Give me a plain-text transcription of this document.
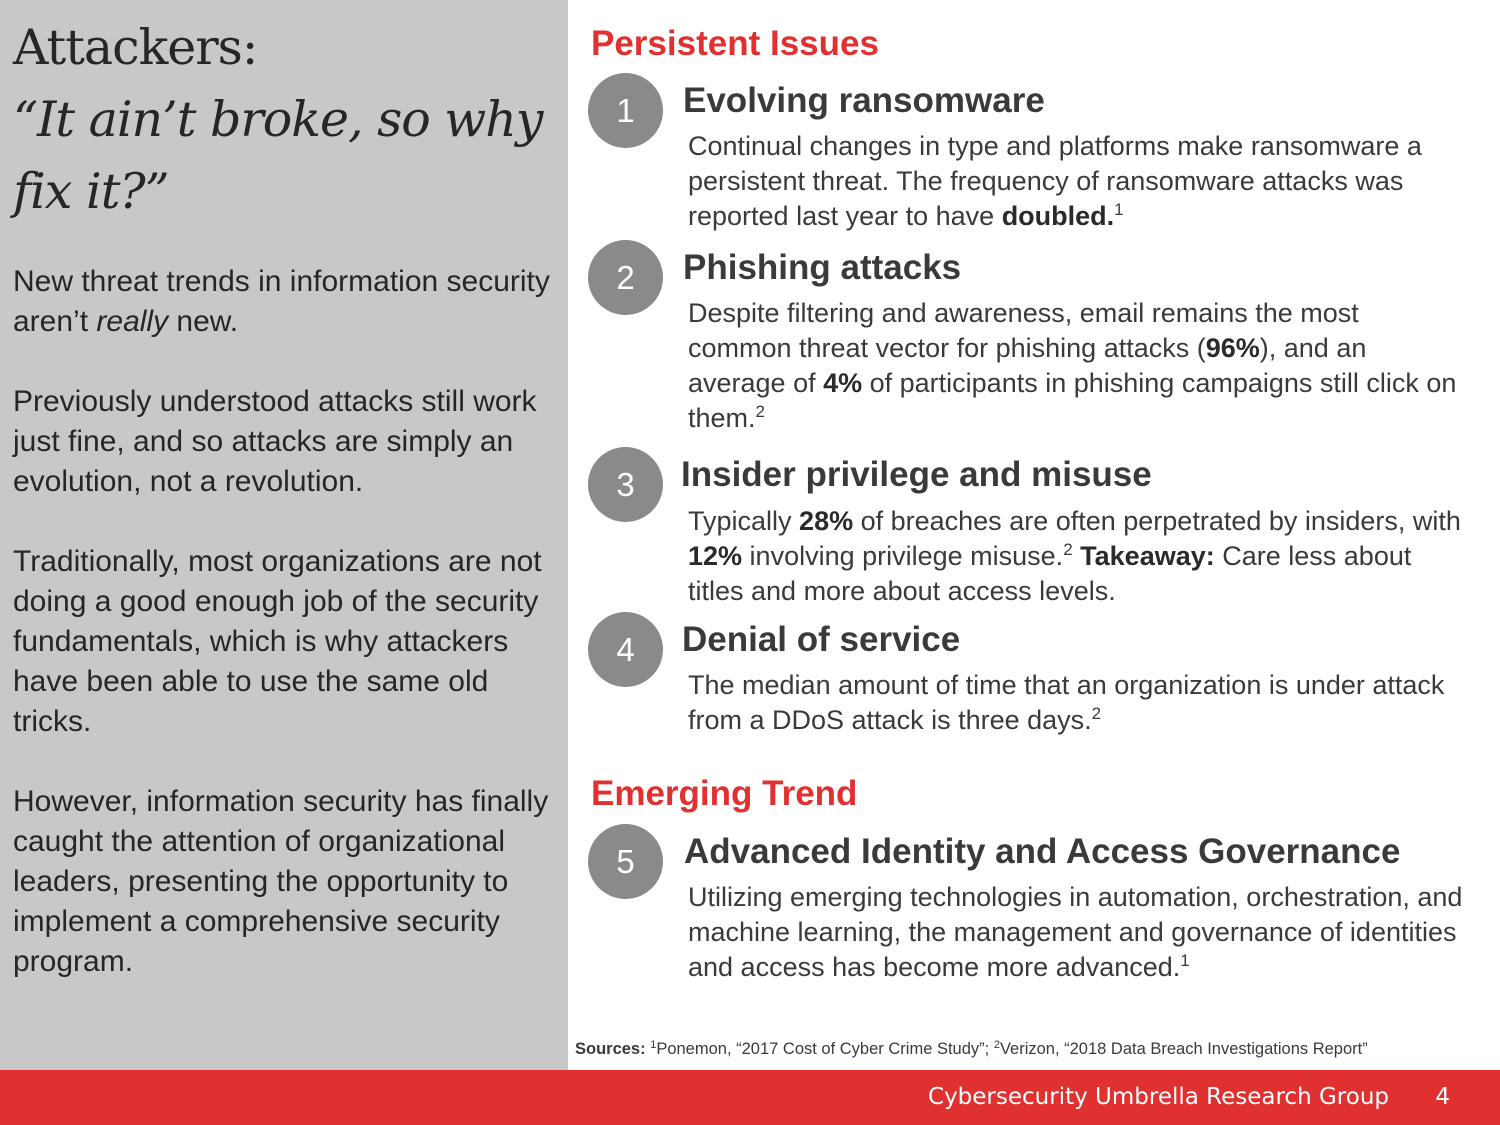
Attackers:
“It ain’t broke, so why fix it?”

New threat trends in information security aren’t really new.

Previously understood attacks still work just fine, and so attacks are simply an evolution, not a revolution.

Traditionally, most organizations are not doing a good enough job of the security fundamentals, which is why attackers have been able to use the same old tricks.

However, information security has finally caught the attention of organizational leaders, presenting the opportunity to implement a comprehensive security program.

Persistent Issues
1	Evolving ransomware

Continual changes in type and platforms make ransomware a persistent threat. The frequency of ransomware attacks was reported last year to have doubled.$^1$

2	Phishing attacks

Despite filtering and awareness, email remains the most common threat vector for phishing attacks (96%), and an average of 4% of participants in phishing campaigns still click on them.$^2$

3	Insider privilege and misuse

Typically 28% of breaches are often perpetrated by insiders, with 12% involving privilege misuse.$^2$ Takeaway: Care less about titles and more about access levels.

4	Denial of service

The median amount of time that an organization is under attack from a DDoS attack is three days.$^2$

Emerging Trend
5	Advanced Identity and Access Governance

Utilizing emerging technologies in automation, orchestration, and machine learning, the management and governance of identities and access has become more advanced.$^1$

Sources: $^1$Ponemon, “2017 Cost of Cyber Crime Study”; $^2$Verizon, “2018 Data Breach Investigations Report”
Cybersecurity Umbrella Research Group 4
